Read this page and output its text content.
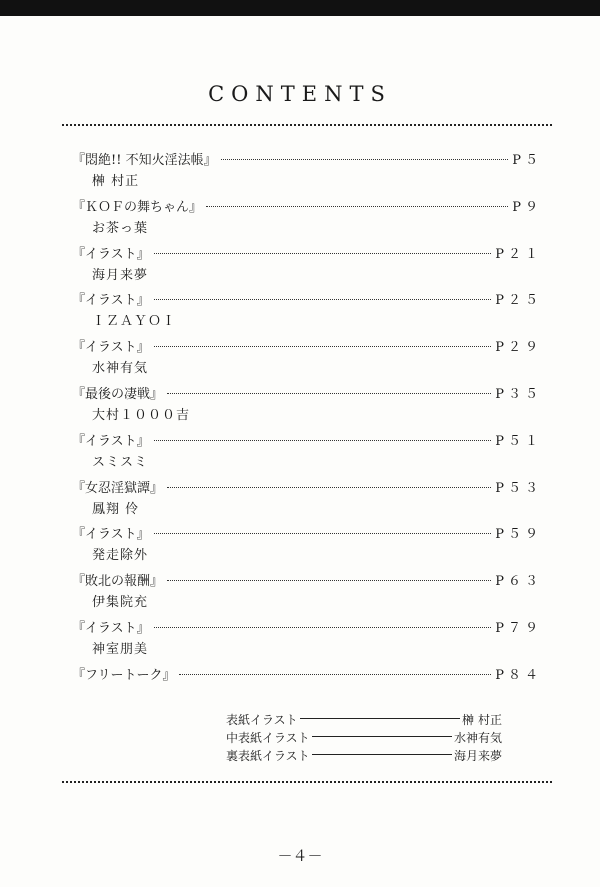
CONTENTS
『悶絶!! 不知火淫法帳』	P５
榊 村正
『ＫＯＦの舞ちゃん』	P９
お茶っ葉
『イラスト』	P２１
海月来夢
『イラスト』	P２５
ＩＺＡＹＯＩ
『イラスト』	P２９
水神有気
『最後の凄戦』	P３５
大村１０００吉
『イラスト』	P５１
スミスミ
『女忍淫獄譚』	P５３
鳳翔 伶
『イラスト』	P５９
発走除外
『敗北の報酬』	P６３
伊集院充
『イラスト』	P７９
神室朋美
『フリートーク』	P８４
表紙イラスト	榊 村正
中表紙イラスト	水神有気
裏表紙イラスト	海月来夢
－４－
